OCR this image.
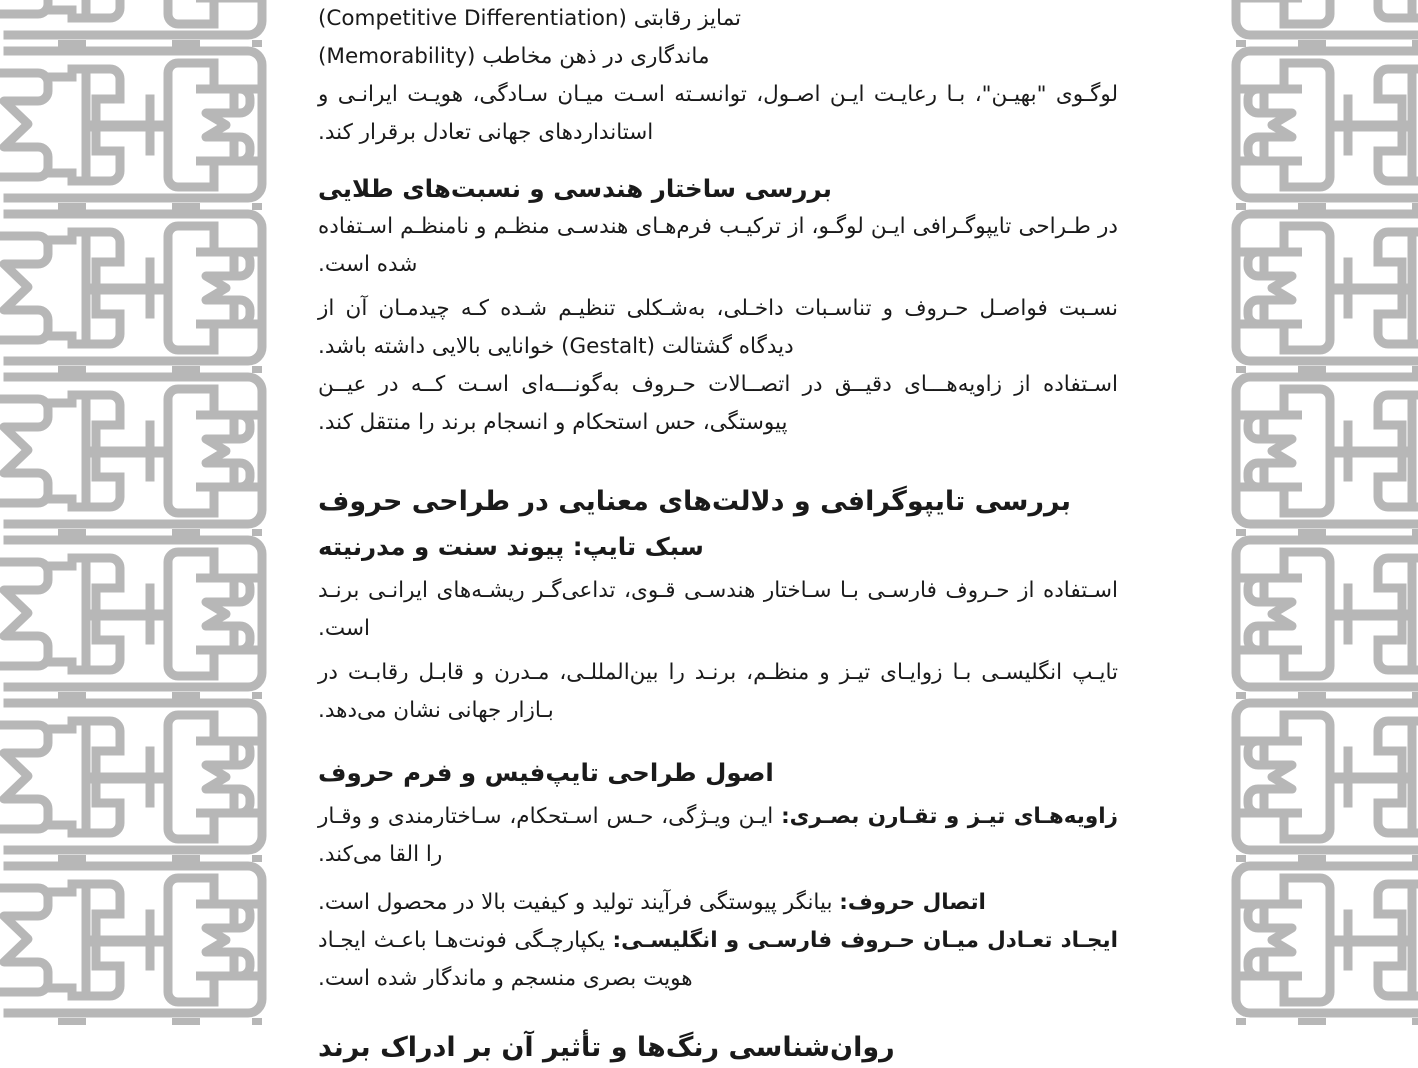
تمایز رقابتی (Competitive Differentiation)

ماندگاری در ذهن مخاطب (Memorability)

لوگـوی "بهیـن"، بـا رعایـت ایـن اصـول، توانسـته اسـت میـان سـادگی، هویـت ایرانـی و استانداردهای جهانی تعادل برقرار کند.

بررسی ساختار هندسی و نسبت‌های طلایی

در طـراحی تایپوگـرافی ایـن لوگـو، از ترکیـب فرم‌هـای هندسـی منظـم و نامنظـم اسـتفاده شده است.

نسـبت فواصـل حـروف و تناسـبات داخـلی، به‌شـکلی تنظیـم شـده کـه چیدمـان آن از دیدگاه گشتالت (Gestalt) خوانایی بالایی داشته باشد.

اسـتفاده از زاویه‌هـــای دقیــق در اتصــالات حـروف به‌گونـــه‌ای اسـت کــه در عیــن پیوستگی، حس استحکام و انسجام برند را منتقل کند.

بررسی تایپوگرافی و دلالت‌های معنایی در طراحی حروف
سبک تایپ: پیوند سنت و مدرنیته

اسـتفاده از حـروف فارسـی بـا سـاختار هندسـی قـوی، تداعی‌گـر ریشـه‌های ایرانـی برنـد است.

تایـپ انگلیسـی بـا زوایـای تیـز و منظـم، برنـد را بین‌المللـی، مـدرن و قابـل رقابـت در بـازار جهانی نشان می‌دهد.

اصول طراحی تایپ‌فیس و فرم حروف

زاویه‌هـای تیـز و تقـارن بصـری: ایـن ویـژگی، حـس اسـتحکام، سـاختارمندی و وقـار را القا می‌کند.

اتصال حروف: بیانگر پیوستگی فرآیند تولید و کیفیت بالا در محصول است.

ایجـاد تعـادل میـان حـروف فارسـی و انگلیسـی: یکپارچـگی فونت‌هـا باعـث ایجـاد هویت بصری منسجم و ماندگار شده است.

روان‌شناسی رنگ‌ها و تأثیر آن بر ادراک برند
